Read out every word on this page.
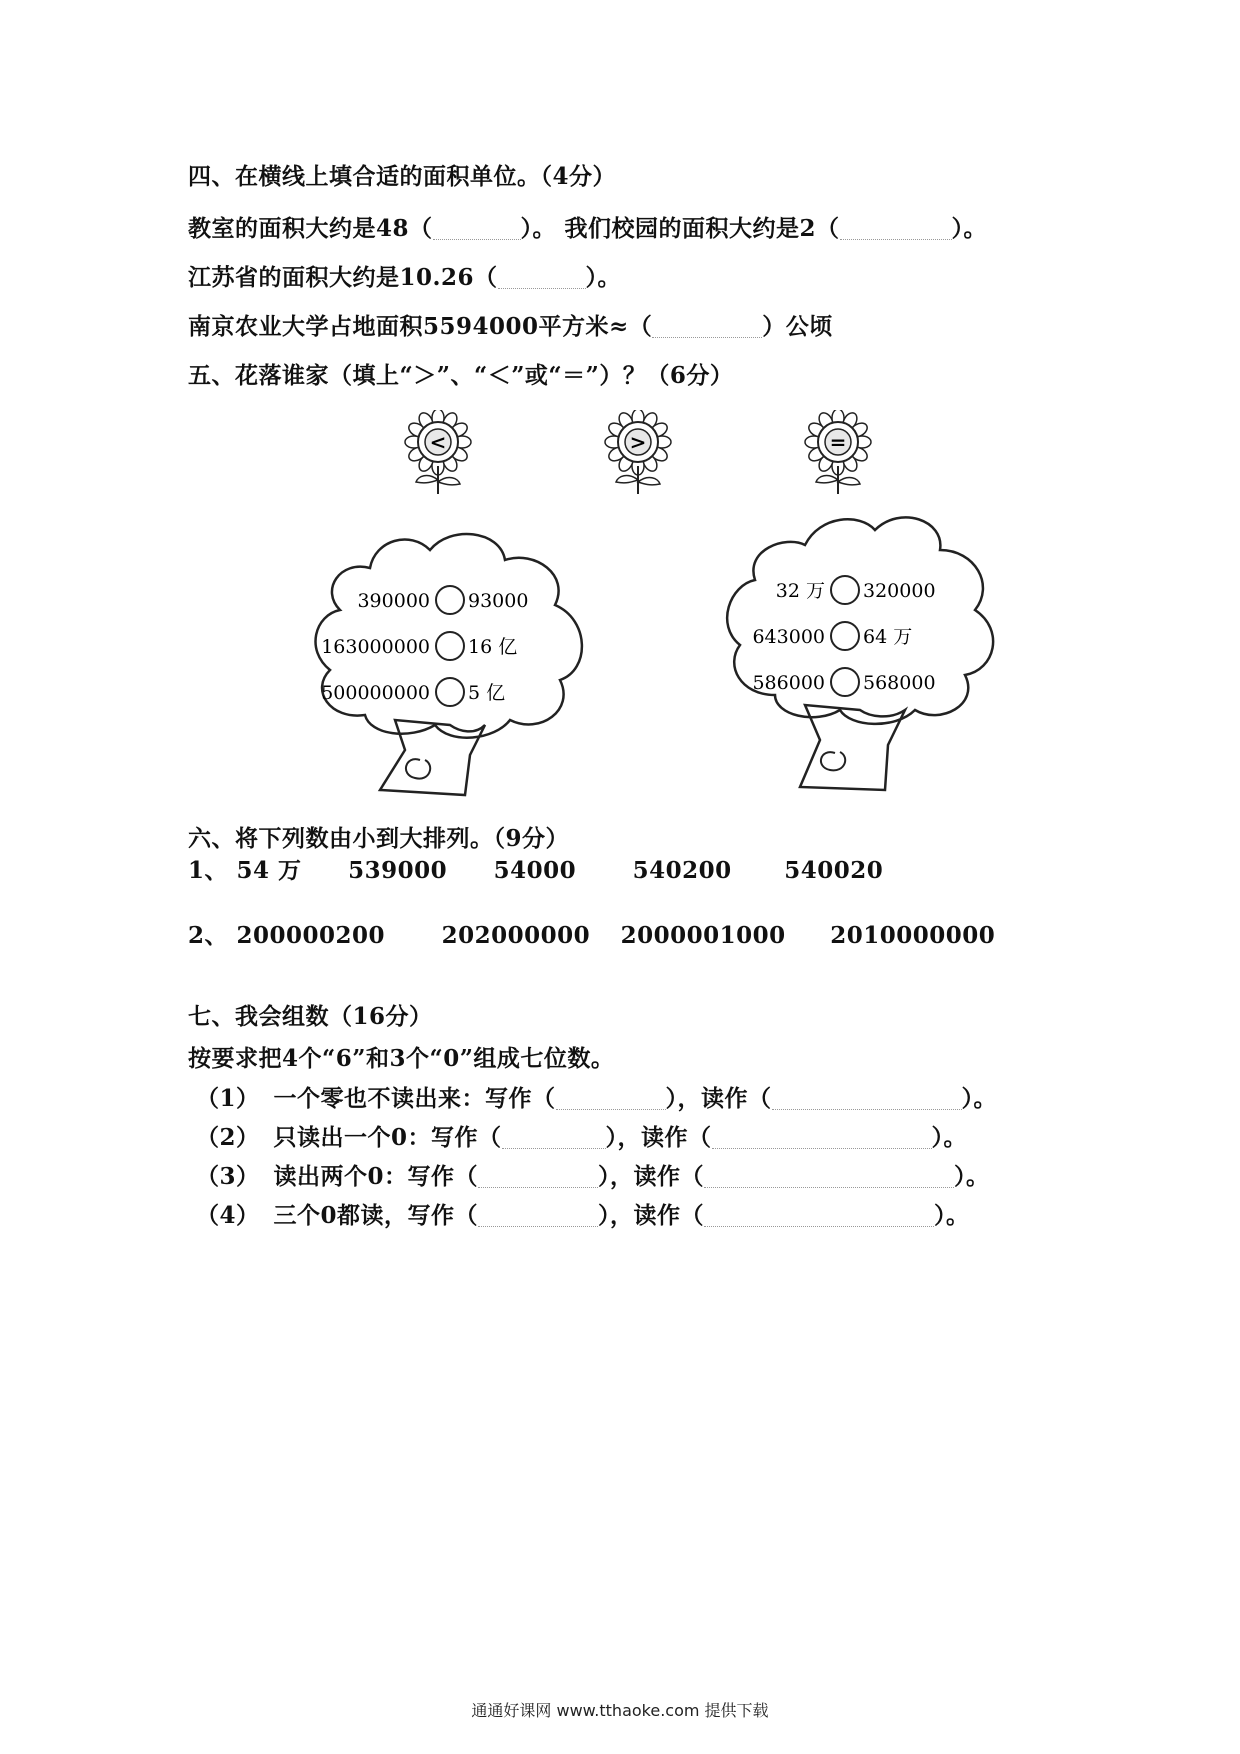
四、在横线上填合适的面积单位。（4分）
教室的面积大约是48（	）。 我们校园的面积大约是2（	）。
江苏省的面积大约是10.26（	）。
南京农业大学占地面积5594000平方米≈（	）公顷
五、花落谁家（填上“＞”、“＜”或“＝”）？（6分）
<	>	=
390000 93000
163000000 16 亿
500000000 5 亿
32 万 320000
643000 64 万
586000 568000
六、将下列数由小到大排列。（9分）
1、 54 万 539000 54000 540200 540020
2、 200000200 202000000 2000001000 2010000000
七、我会组数（16分）
按要求把4个“6”和3个“0”组成七位数。
（1） 一个零也不读出来：写作（	），读作（	）。
（2） 只读出一个0：写作（	），读作（	）。
（3） 读出两个0：写作（	），读作（	）。
（4） 三个0都读，写作（	），读作（	）。
通通好课网 www.tthaoke.com 提供下载
